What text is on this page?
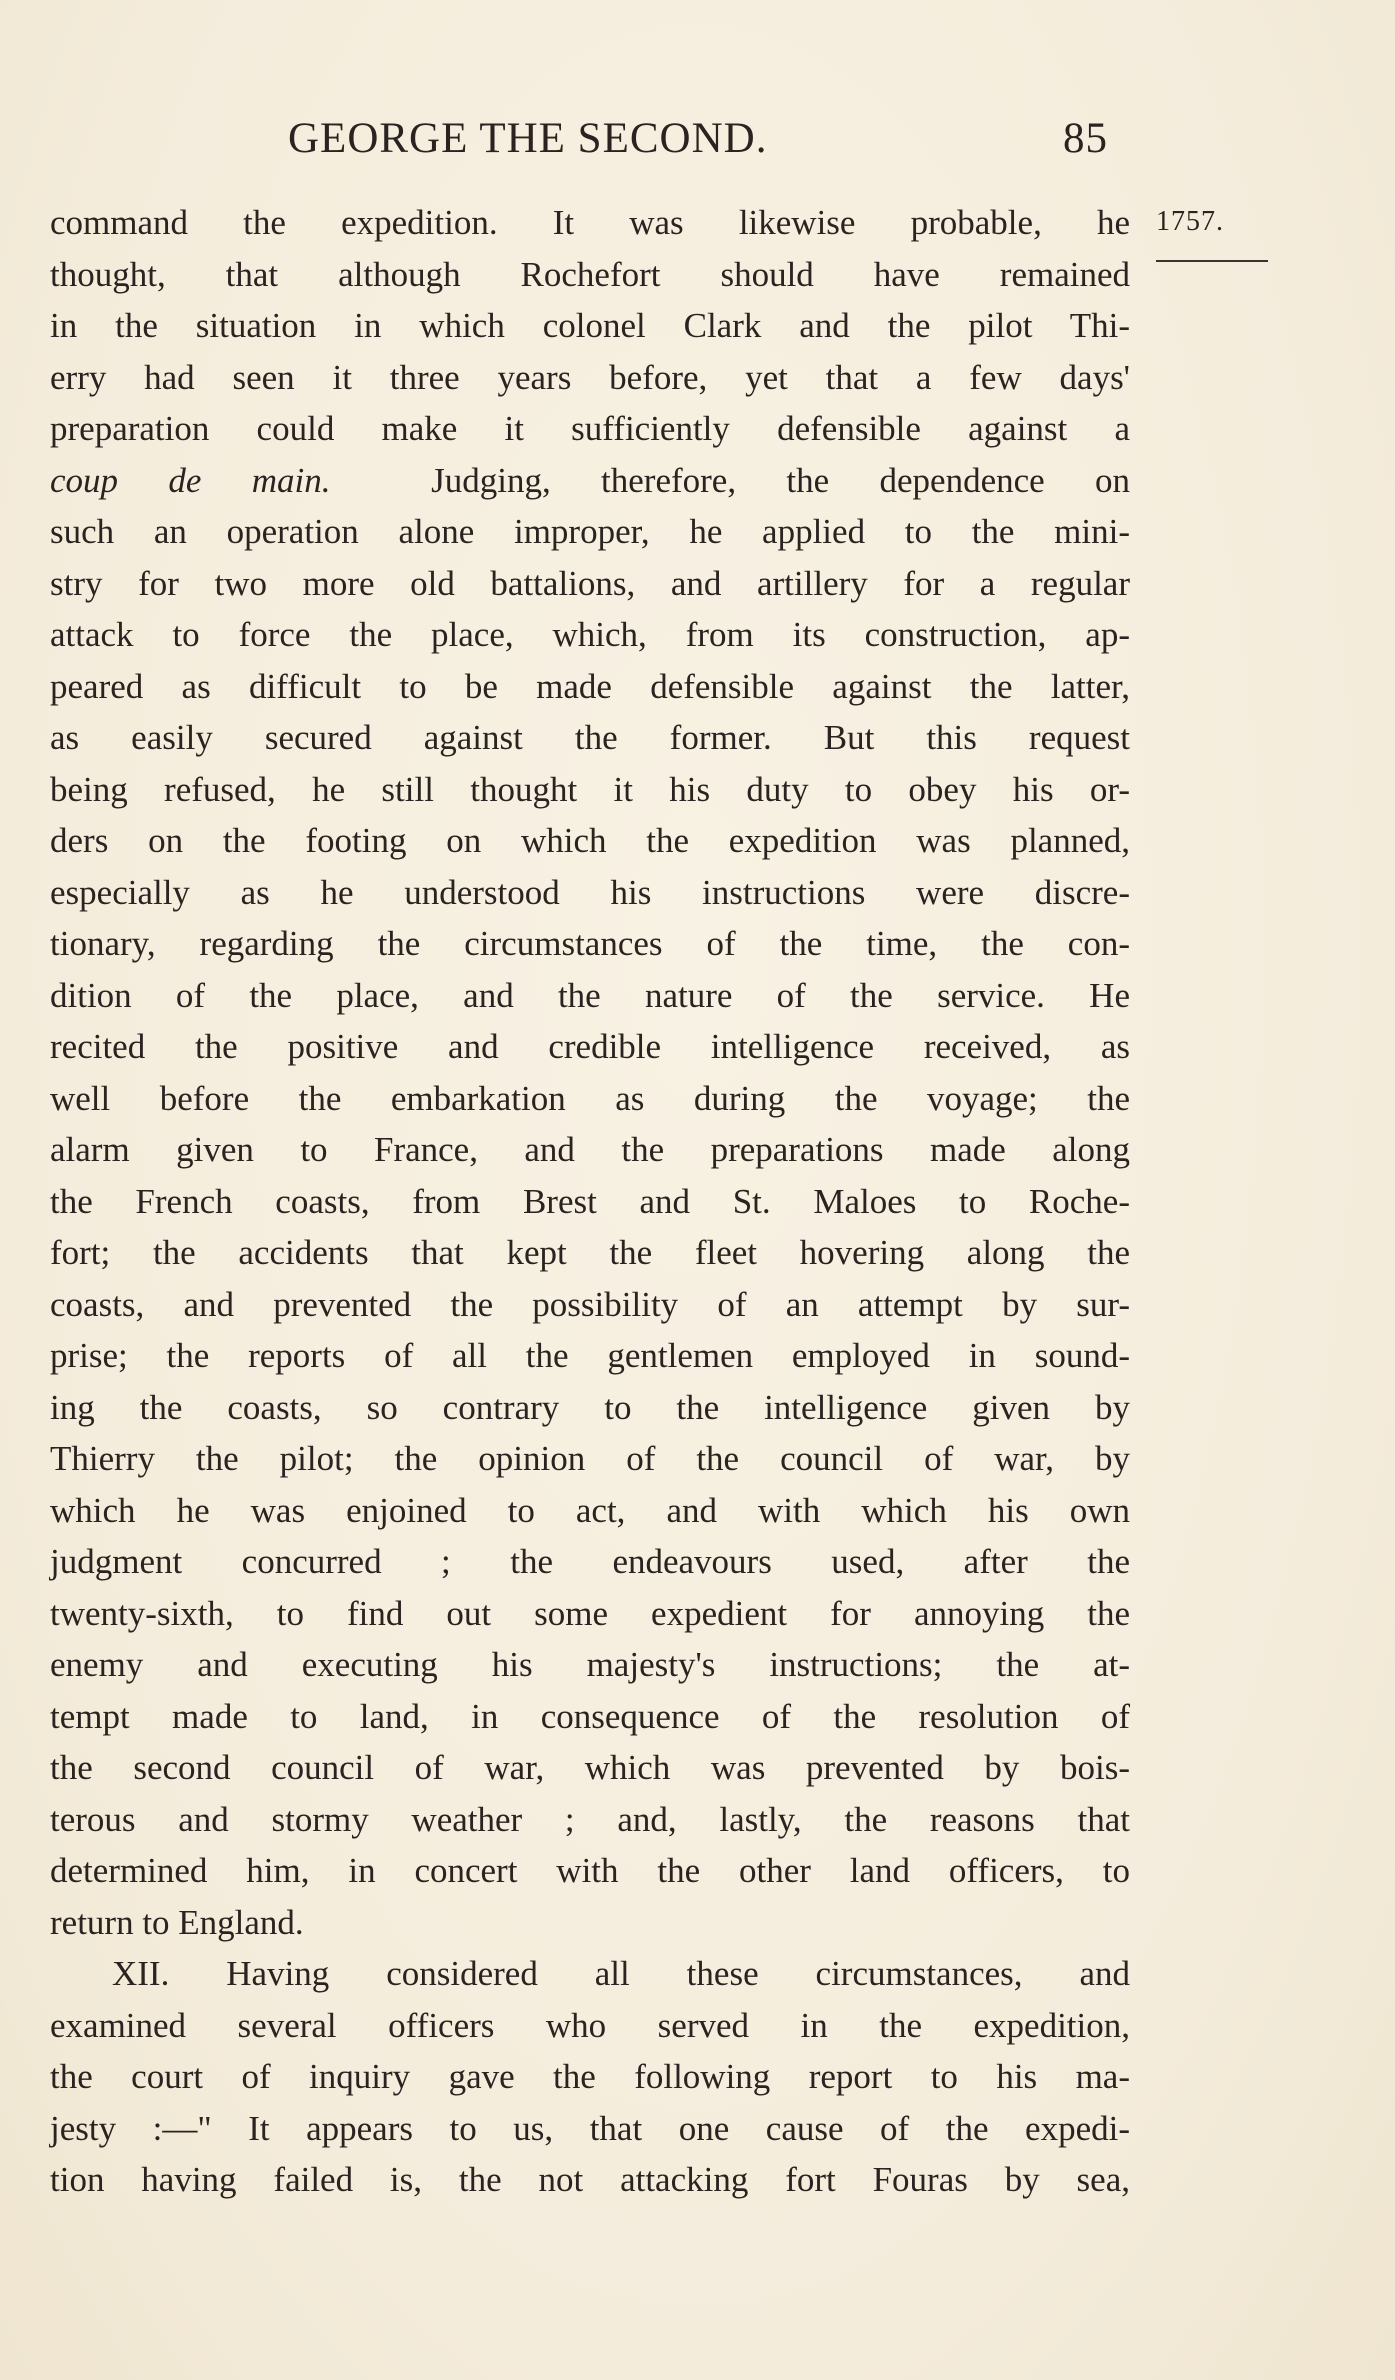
GEORGE THE SECOND.	85
1757.
command the expedition. It was likewise probable, he
thought, that although Rochefort should have remained
in the situation in which colonel Clark and the pilot Thi-
erry had seen it three years before, yet that a few days'
preparation could make it sufficiently defensible against a
coup de main.	Judging, therefore, the dependence on
such an operation alone improper, he applied to the mini-
stry for two more old battalions, and artillery for a regular
attack to force the place, which, from its construction, ap-
peared as difficult to be made defensible against the latter,
as easily secured against the former. But this request
being refused, he still thought it his duty to obey his or-
ders on the footing on which the expedition was planned,
especially as he understood his instructions were discre-
tionary, regarding the circumstances of the time, the con-
dition of the place, and the nature of the service. He
recited the positive and credible intelligence received, as
well before the embarkation as during the voyage; the
alarm given to France, and the preparations made along
the French coasts, from Brest and St. Maloes to Roche-
fort; the accidents that kept the fleet hovering along the
coasts, and prevented the possibility of an attempt by sur-
prise; the reports of all the gentlemen employed in sound-
ing the coasts, so contrary to the intelligence given by
Thierry the pilot; the opinion of the council of war, by
which he was enjoined to act, and with which his own
judgment concurred ; the endeavours used, after the
twenty-sixth, to find out some expedient for annoying the
enemy and executing his majesty's instructions; the at-
tempt made to land, in consequence of the resolution of
the second council of war, which was prevented by bois-
terous and stormy weather ; and, lastly, the reasons that
determined him, in concert with the other land officers, to
return to England.
XII. Having considered all these circumstances, and
examined several officers who served in the expedition,
the court of inquiry gave the following report to his ma-
jesty :—" It appears to us, that one cause of the expedi-
tion having failed is, the not attacking fort Fouras by sea,
